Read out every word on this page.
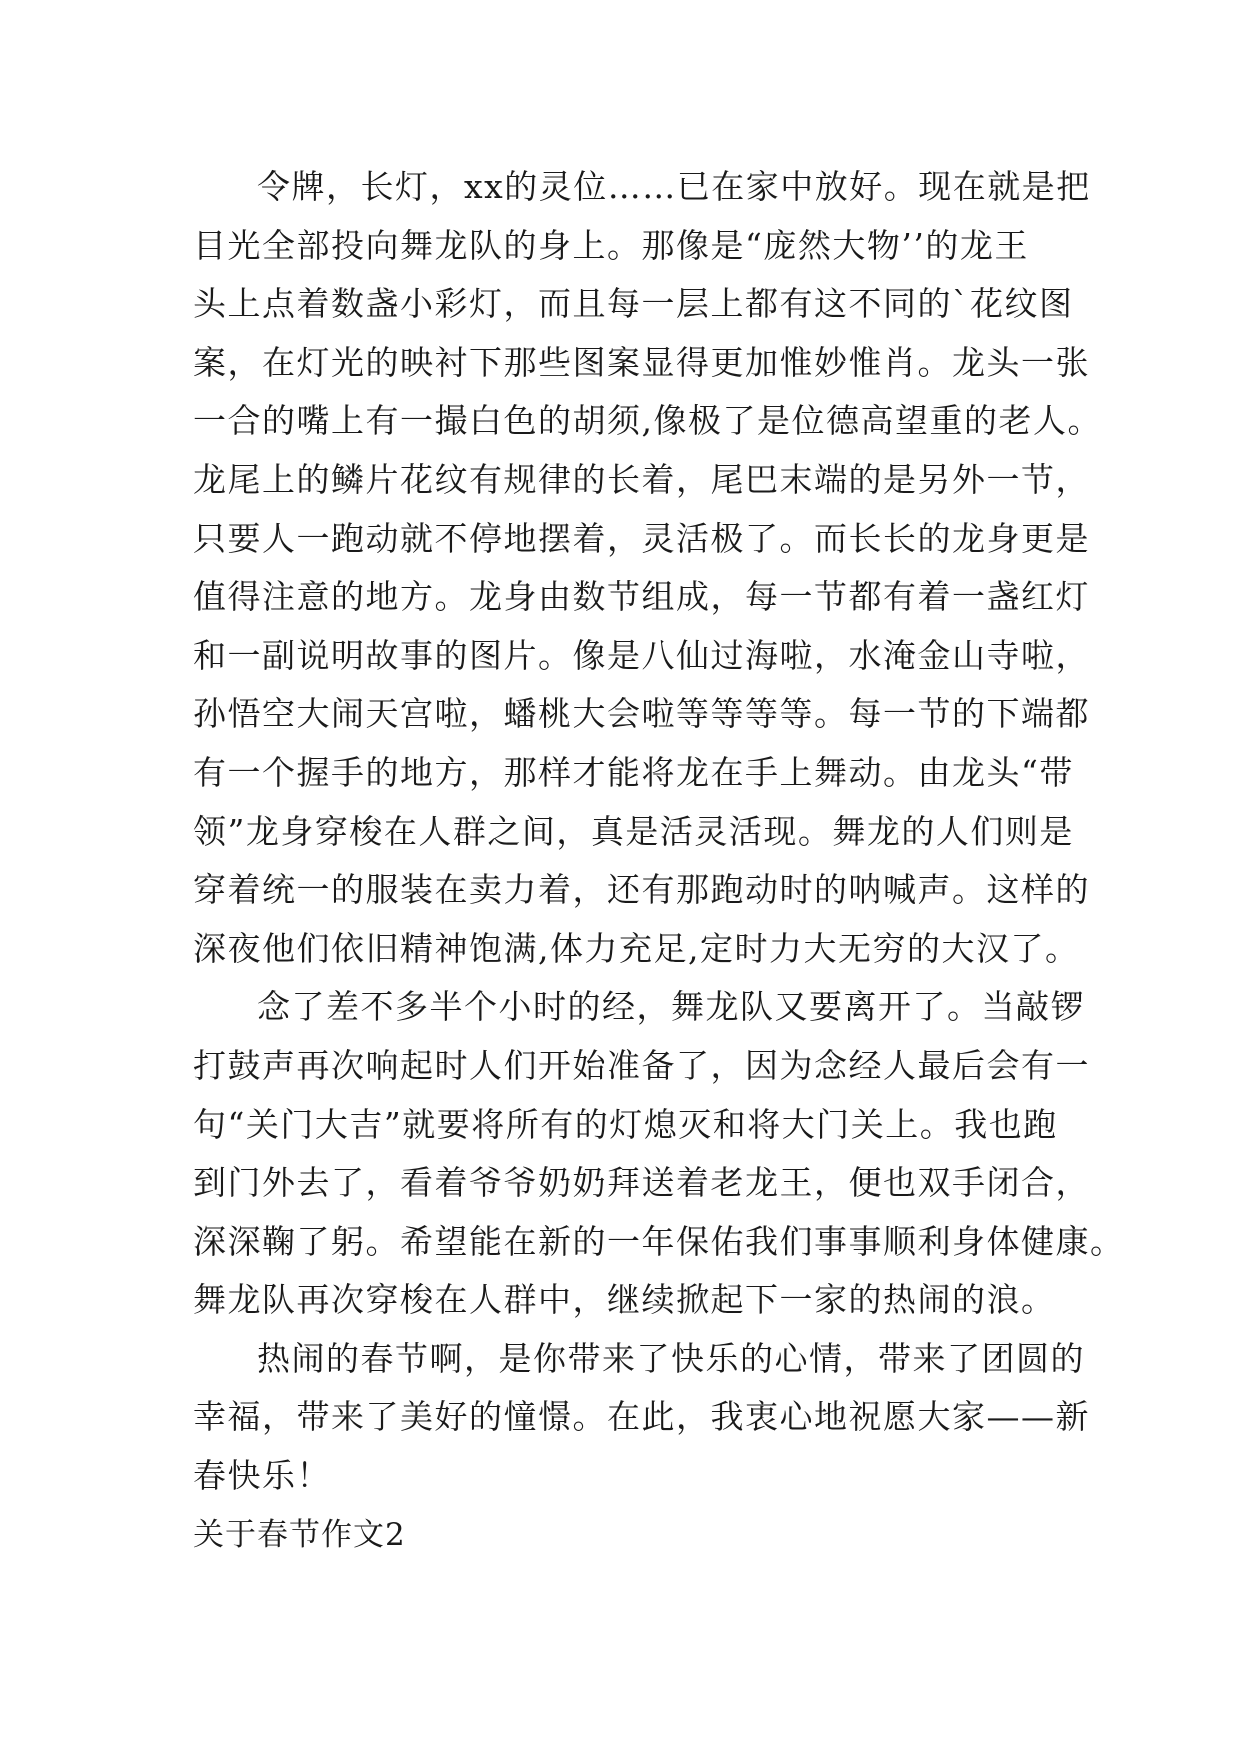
令牌，长灯，xx的灵位……已在家中放好。现在就是把

目光全部投向舞龙队的身上。那像是“庞然大物’’的龙王

头上点着数盏小彩灯，而且每一层上都有这不同的`花纹图

案，在灯光的映衬下那些图案显得更加惟妙惟肖。龙头一张

一合的嘴上有一撮白色的胡须,像极了是位德高望重的老人。

龙尾上的鳞片花纹有规律的长着，尾巴末端的是另外一节，

只要人一跑动就不停地摆着，灵活极了。而长长的龙身更是

值得注意的地方。龙身由数节组成，每一节都有着一盏红灯

和一副说明故事的图片。像是八仙过海啦，水淹金山寺啦，

孙悟空大闹天宫啦，蟠桃大会啦等等等等。每一节的下端都

有一个握手的地方，那样才能将龙在手上舞动。由龙头“带

领”龙身穿梭在人群之间，真是活灵活现。舞龙的人们则是

穿着统一的服装在卖力着，还有那跑动时的呐喊声。这样的

深夜他们依旧精神饱满,体力充足,定时力大无穷的大汉了。

念了差不多半个小时的经，舞龙队又要离开了。当敲锣

打鼓声再次响起时人们开始准备了，因为念经人最后会有一

句“关门大吉”就要将所有的灯熄灭和将大门关上。我也跑

到门外去了，看着爷爷奶奶拜送着老龙王，便也双手闭合，

深深鞠了躬。希望能在新的一年保佑我们事事顺利身体健康。

舞龙队再次穿梭在人群中，继续掀起下一家的热闹的浪。

热闹的春节啊，是你带来了快乐的心情，带来了团圆的

幸福，带来了美好的憧憬。在此，我衷心地祝愿大家——新

春快乐！

关于春节作文2
